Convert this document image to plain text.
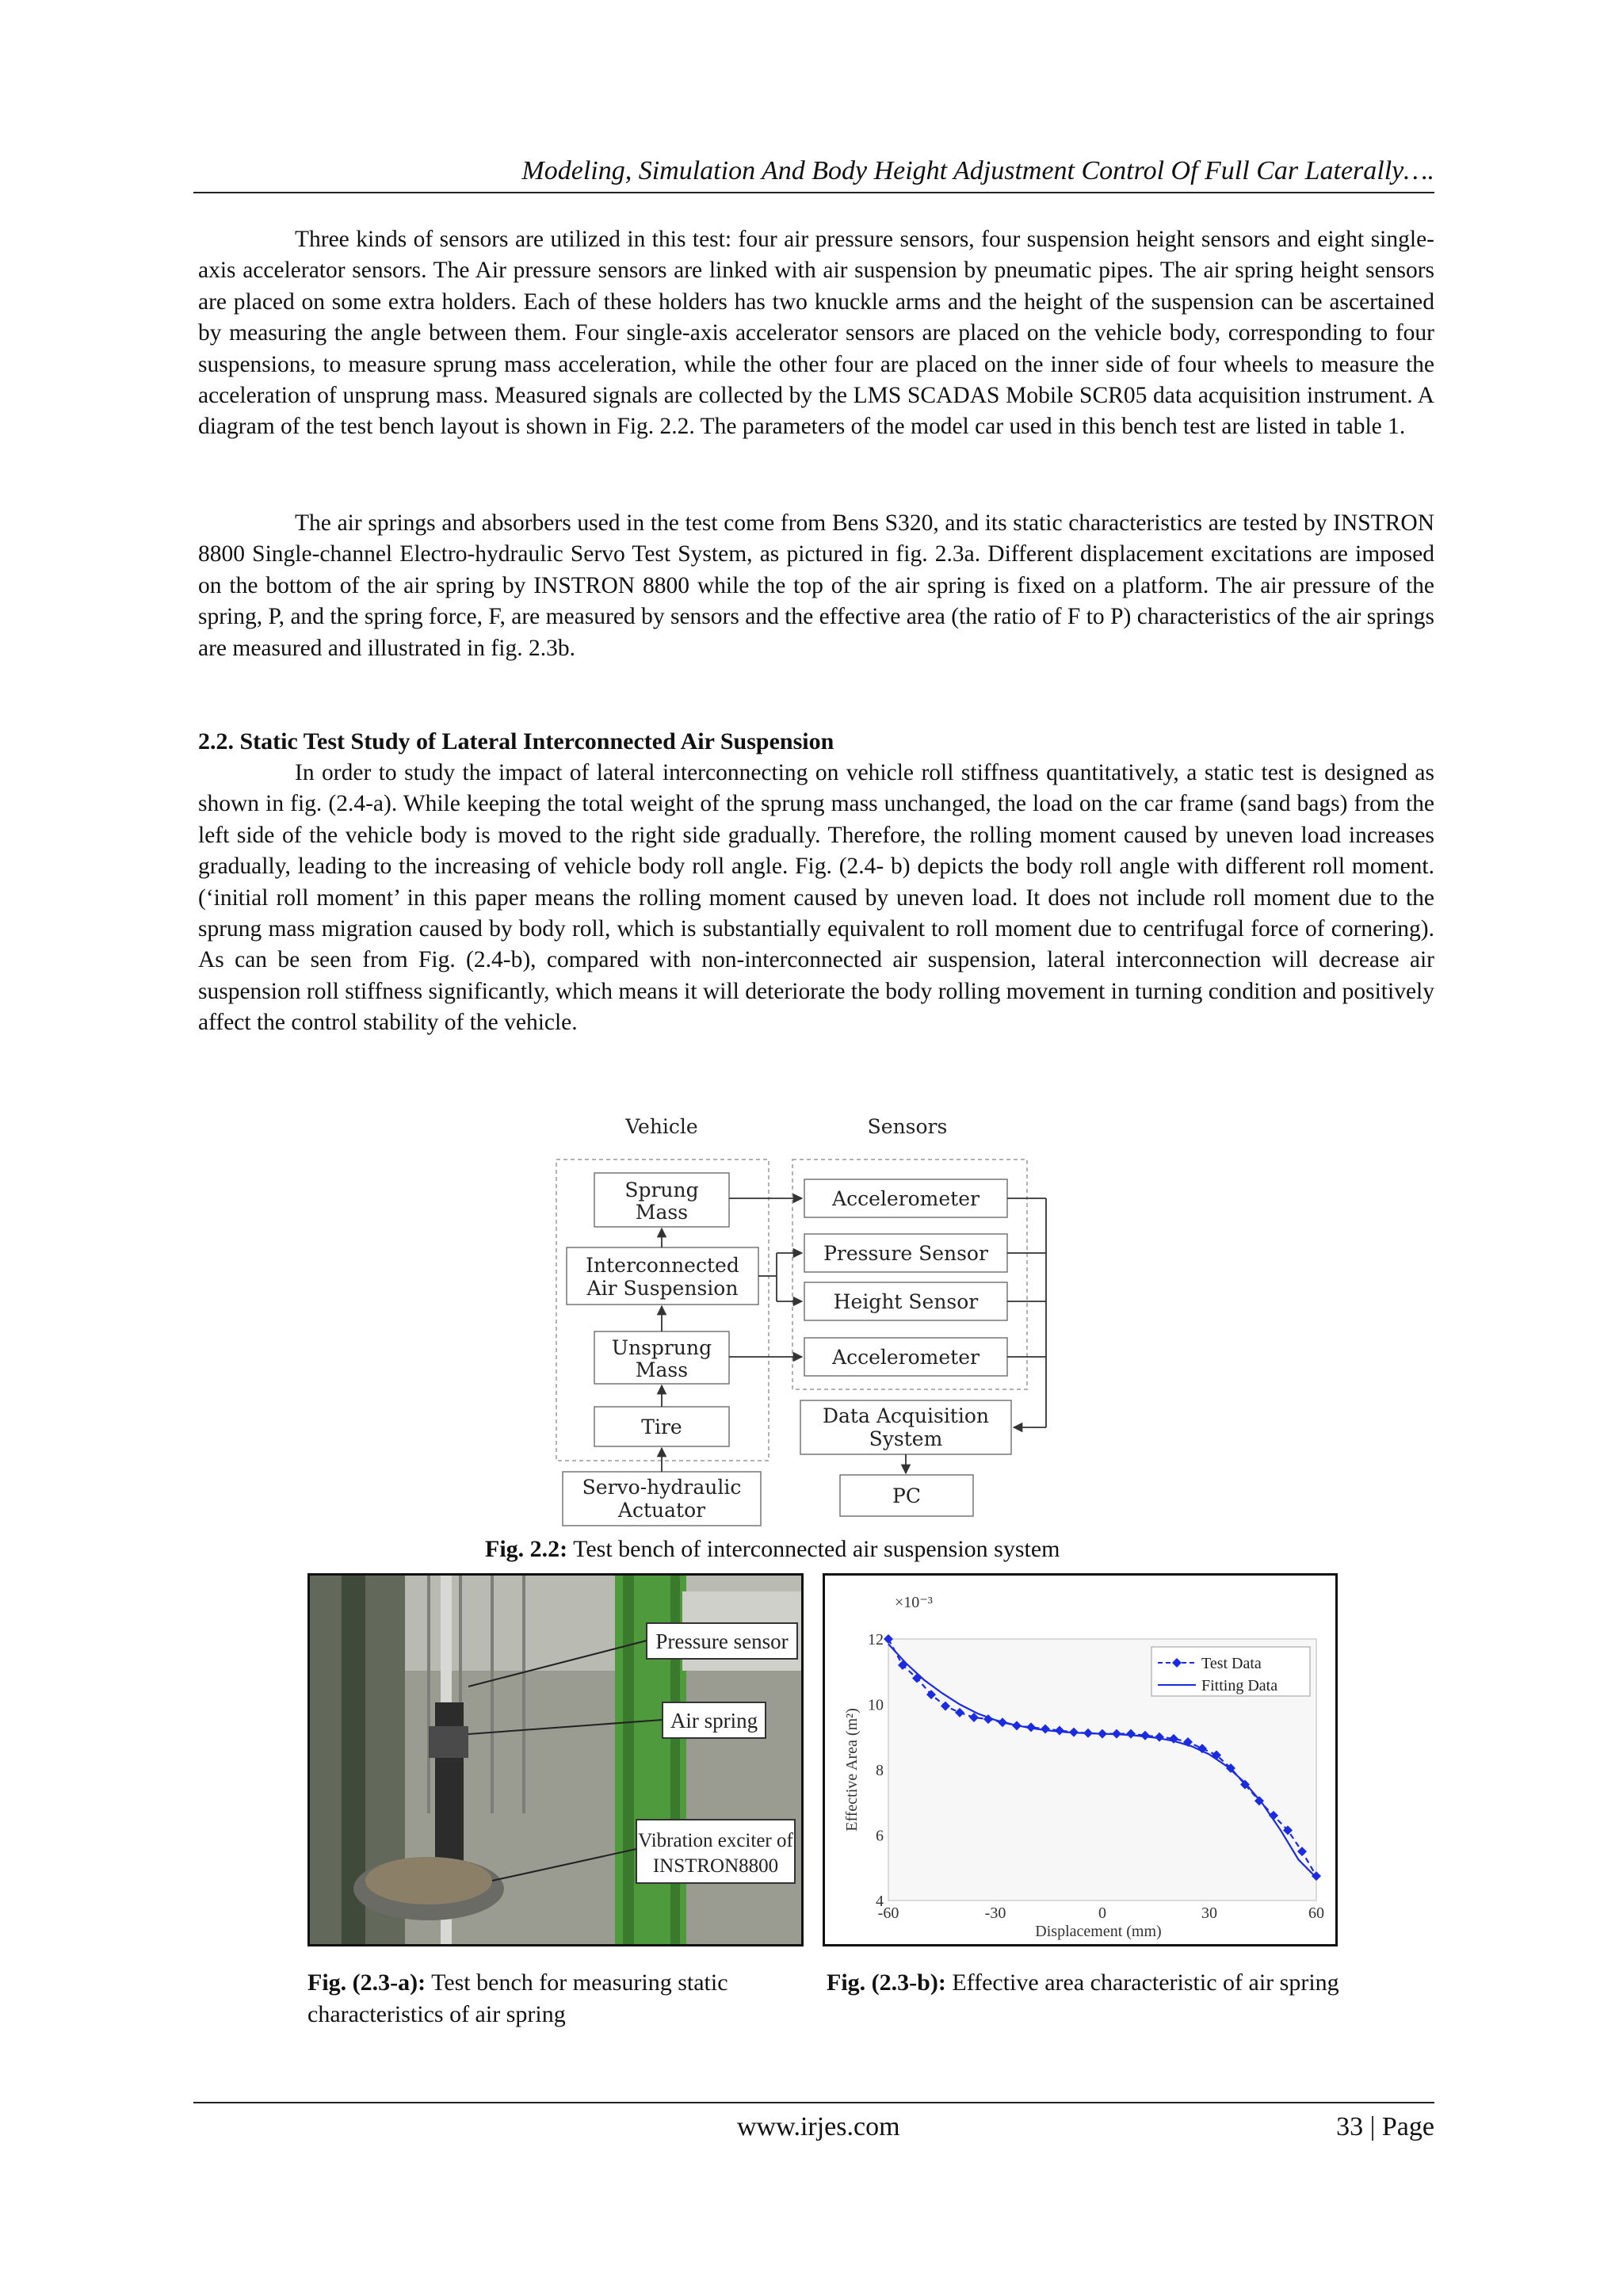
Modeling, Simulation And Body Height Adjustment Control Of Full Car Laterally….

Three kinds of sensors are utilized in this test: four air pressure sensors, four suspension height sensors and eight single-axis accelerator sensors. The Air pressure sensors are linked with air suspension by pneumatic pipes. The air spring height sensors are placed on some extra holders. Each of these holders has two knuckle arms and the height of the suspension can be ascertained by measuring the angle between them. Four single-axis accelerator sensors are placed on the vehicle body, corresponding to four suspensions, to measure sprung mass acceleration, while the other four are placed on the inner side of four wheels to measure the acceleration of unsprung mass. Measured signals are collected by the LMS SCADAS Mobile SCR05 data acquisition instrument. A diagram of the test bench layout is shown in Fig. 2.2. The parameters of the model car used in this bench test are listed in table 1.

The air springs and absorbers used in the test come from Bens S320, and its static characteristics are tested by INSTRON 8800 Single-channel Electro-hydraulic Servo Test System, as pictured in fig. 2.3a. Different displacement excitations are imposed on the bottom of the air spring by INSTRON 8800 while the top of the air spring is fixed on a platform. The air pressure of the spring, P, and the spring force, F, are measured by sensors and the effective area (the ratio of F to P) characteristics of the air springs are measured and illustrated in fig. 2.3b.

2.2. Static Test Study of Lateral Interconnected Air Suspension

In order to study the impact of lateral interconnecting on vehicle roll stiffness quantitatively, a static test is designed as shown in fig. (2.4-a). While keeping the total weight of the sprung mass unchanged, the load on the car frame (sand bags) from the left side of the vehicle body is moved to the right side gradually. Therefore, the rolling moment caused by uneven load increases gradually, leading to the increasing of vehicle body roll angle. Fig. (2.4- b) depicts the body roll angle with different roll moment. (‘initial roll moment’ in this paper means the rolling moment caused by uneven load. It does not include roll moment due to the sprung mass migration caused by body roll, which is substantially equivalent to roll moment due to centrifugal force of cornering). As can be seen from Fig. (2.4-b), compared with non-interconnected air suspension, lateral interconnection will decrease air suspension roll stiffness significantly, which means it will deteriorate the body rolling movement in turning condition and positively affect the control stability of the vehicle.

Vehicle	Sensors
Sprung
Mass
Interconnected
Air Suspension
Unsprung
Mass
Tire
Servo-hydraulic
Actuator
Accelerometer
Pressure Sensor
Height Sensor
Accelerometer
Data Acquisition
System
PC
Fig. 2.2: Test bench of interconnected air suspension system
Pressure sensor
Air spring
Vibration exciter of
INSTRON8800
-60	-30	0	30	60
4
6
8
10
12
×10⁻³
Displacement (mm)
Effective Area (m²)
Test Data
Fitting Data
Fig. (2.3-a): Test bench for measuring static characteristics of air spring
Fig. (2.3-b): Effective area characteristic of air spring
www.irjes.com	33 | Page
